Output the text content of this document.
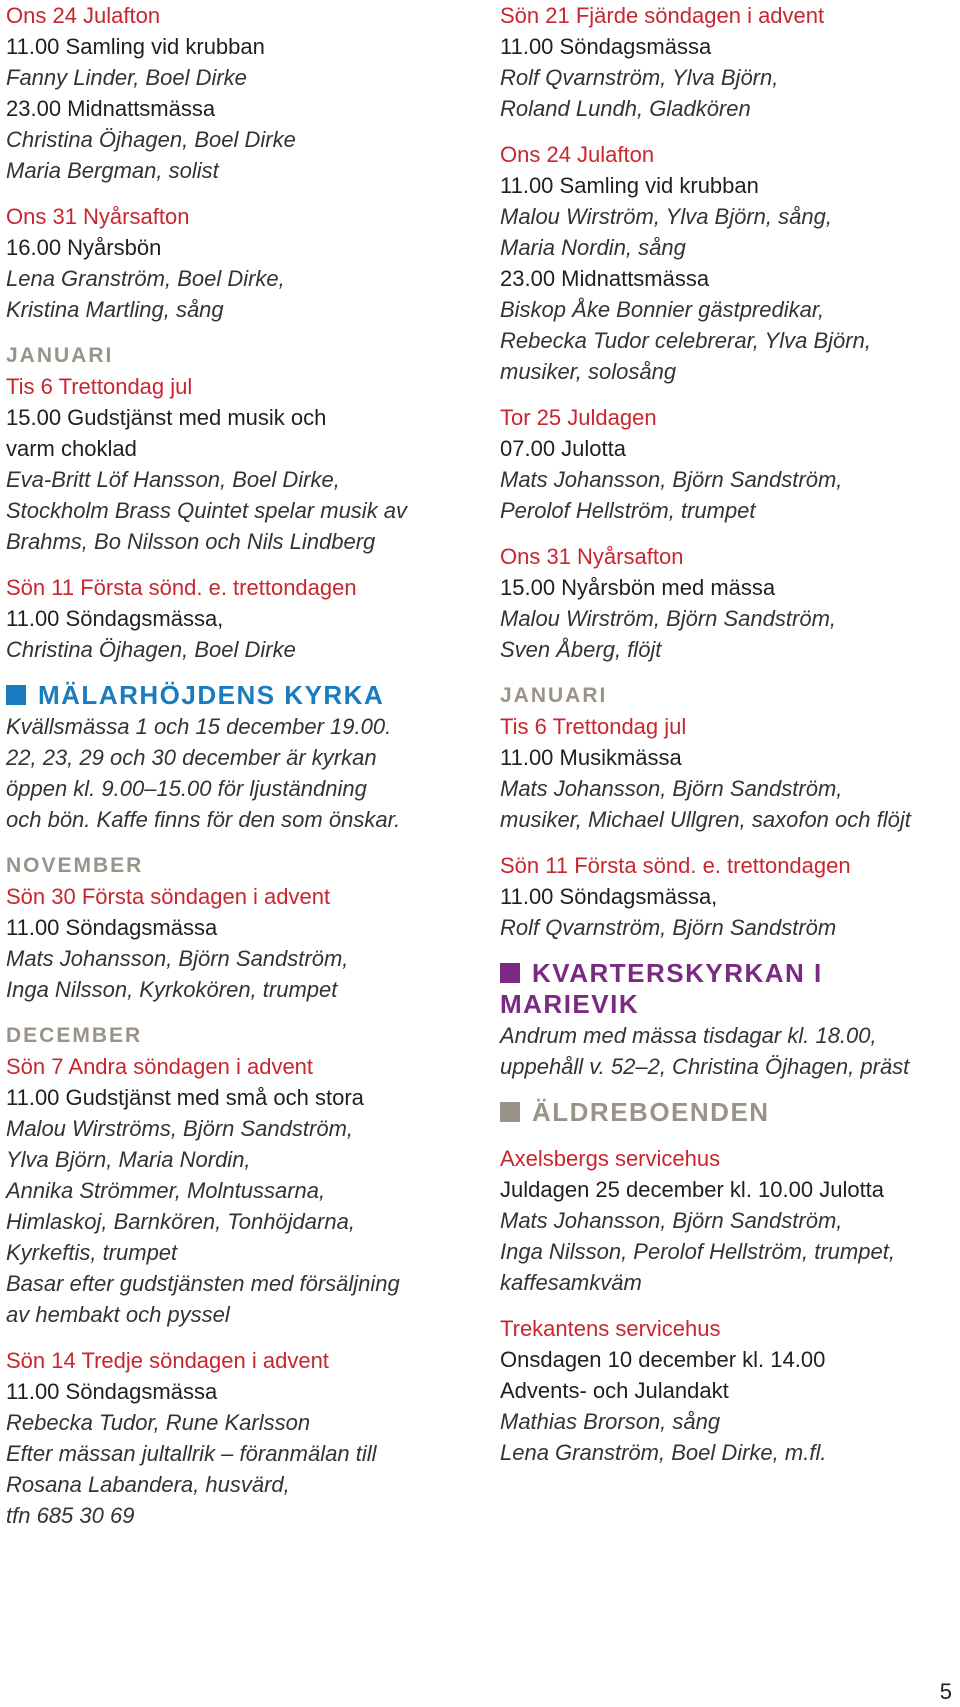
Ons 24 Julafton
11.00 Samling vid krubban
Fanny Linder, Boel Dirke
23.00 Midnattsmässa
Christina Öjhagen, Boel Dirke
Maria Bergman, solist
Ons 31 Nyårsafton
16.00 Nyårsbön
Lena Granström, Boel Dirke,
Kristina Martling, sång
JANUARI
Tis 6 Trettondag jul
15.00 Gudstjänst med musik och
varm choklad
Eva-Britt Löf Hansson, Boel Dirke,
Stockholm Brass Quintet spelar musik av
Brahms, Bo Nilsson och Nils Lindberg
Sön 11 Första sönd. e. trettondagen
11.00 Söndagsmässa,
Christina Öjhagen, Boel Dirke
MÄLARHÖJDENS KYRKA
Kvällsmässa 1 och 15 december 19.00.
22, 23, 29 och 30 december är kyrkan
öppen kl. 9.00–15.00 för ljuständning
och bön. Kaffe finns för den som önskar.
NOVEMBER
Sön 30 Första söndagen i advent
11.00 Söndagsmässa
Mats Johansson, Björn Sandström,
Inga Nilsson, Kyrkokören, trumpet
DECEMBER
Sön 7 Andra söndagen i advent
11.00 Gudstjänst med små och stora
Malou Wirströms, Björn Sandström,
Ylva Björn, Maria Nordin,
Annika Strömmer, Molntussarna,
Himlaskoj, Barnkören, Tonhöjdarna,
Kyrkeftis, trumpet
Basar efter gudstjänsten med försäljning
av hembakt och pyssel
Sön 14 Tredje söndagen i advent
11.00 Söndagsmässa
Rebecka Tudor, Rune Karlsson
Efter mässan jultallrik – föranmälan till
Rosana Labandera, husvärd,
tfn 685 30 69
Sön 21 Fjärde söndagen i advent
11.00 Söndagsmässa
Rolf Qvarnström, Ylva Björn,
Roland Lundh, Gladkören
Ons 24 Julafton
11.00 Samling vid krubban
Malou Wirström, Ylva Björn, sång,
Maria Nordin, sång
23.00 Midnattsmässa
Biskop Åke Bonnier gästpredikar,
Rebecka Tudor celebrerar, Ylva Björn,
musiker, solosång
Tor 25 Juldagen
07.00 Julotta
Mats Johansson, Björn Sandström,
Perolof Hellström, trumpet
Ons 31 Nyårsafton
15.00 Nyårsbön med mässa
Malou Wirström, Björn Sandström,
Sven Åberg, flöjt
JANUARI
Tis 6 Trettondag jul
11.00 Musikmässa
Mats Johansson, Björn Sandström,
musiker, Michael Ullgren, saxofon och flöjt
Sön 11 Första sönd. e. trettondagen
11.00 Söndagsmässa,
Rolf Qvarnström, Björn Sandström
KVARTERSKYRKAN I
MARIEVIK
Andrum med mässa tisdagar kl. 18.00,
uppehåll v. 52–2, Christina Öjhagen, präst
ÄLDREBOENDEN
Axelsbergs servicehus
Juldagen 25 december kl. 10.00 Julotta
Mats Johansson, Björn Sandström,
Inga Nilsson, Perolof Hellström, trumpet,
kaffesamkväm
Trekantens servicehus
Onsdagen 10 december kl. 14.00
Advents- och Julandakt
Mathias Brorson, sång
Lena Granström, Boel Dirke, m.fl.
5
